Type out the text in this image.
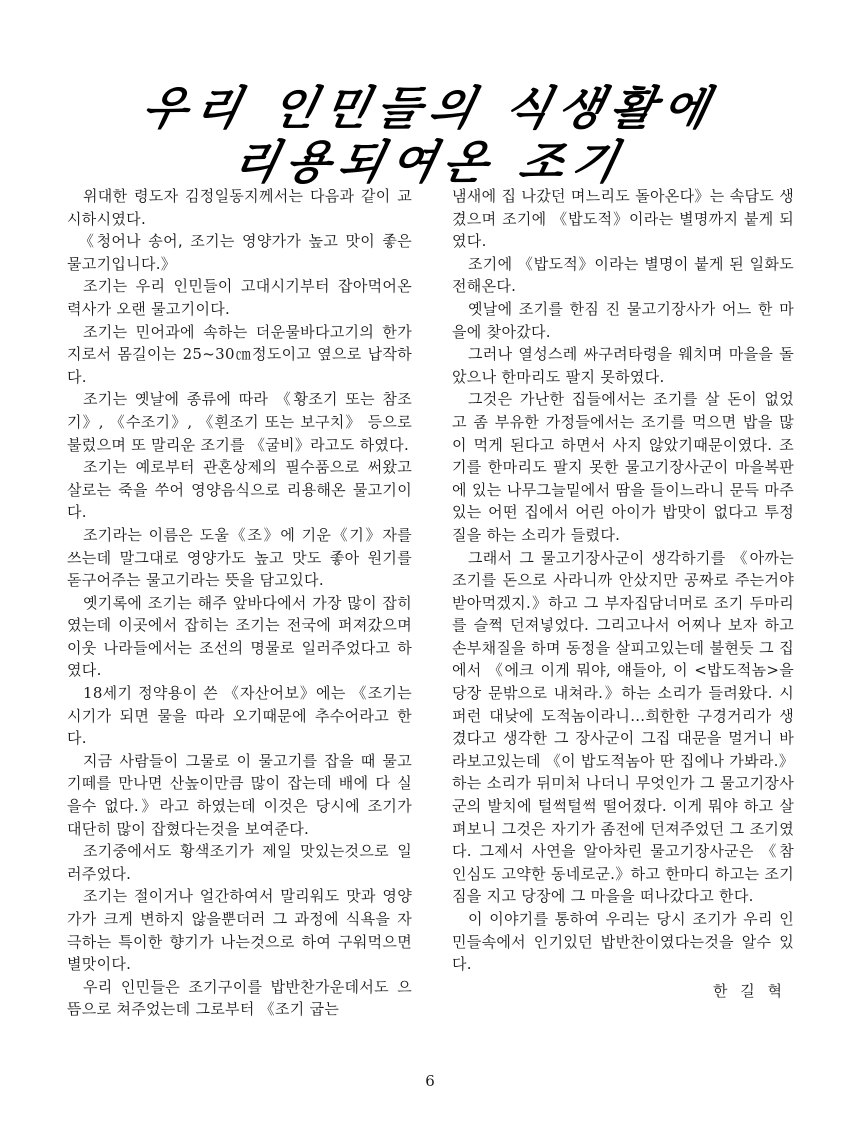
우리 인민들의 식생활에
리용되여온 조기

위대한 령도자 김정일동지께서는 다음과 같이 교시하시였다.

《청어나 송어, 조기는 영양가가 높고 맛이 좋은 물고기입니다.》

조기는 우리 인민들이 고대시기부터 잡아먹어온 력사가 오랜 물고기이다.

조기는 민어과에 속하는 더운물바다고기의 한가지로서 몸길이는 25~30㎝정도이고 옆으로 납작하다.

조기는 옛날에 종류에 따라 《황조기 또는 참조기》, 《수조기》, 《흰조기 또는 보구치》 등으로 불렀으며 또 말리운 조기를 《굴비》라고도 하였다.

조기는 예로부터 관혼상제의 필수품으로 써왔고 살로는 죽을 쑤어 영양음식으로 리용해온 물고기이다.

조기라는 이름은 도울《조》에 기운《기》자를 쓰는데 말그대로 영양가도 높고 맛도 좋아 원기를 돋구어주는 물고기라는 뜻을 담고있다.

옛기록에 조기는 해주 앞바다에서 가장 많이 잡히였는데 이곳에서 잡히는 조기는 전국에 퍼져갔으며 이웃 나라들에서는 조선의 명물로 일러주었다고 하였다.

18세기 정약용이 쓴 《자산어보》에는 《조기는 시기가 되면 물을 따라 오기때문에 추수어라고 한다.

지금 사람들이 그물로 이 물고기를 잡을 때 물고기떼를 만나면 산높이만큼 많이 잡는데 배에 다 실을수 없다.》라고 하였는데 이것은 당시에 조기가 대단히 많이 잡혔다는것을 보여준다.

조기중에서도 황색조기가 제일 맛있는것으로 일러주었다.

조기는 절이거나 얼간하여서 말리워도 맛과 영양가가 크게 변하지 않을뿐더러 그 과정에 식욕을 자극하는 특이한 향기가 나는것으로 하여 구워먹으면 별맛이다.

우리 인민들은 조기구이를 밥반찬가운데서도 으뜸으로 쳐주었는데 그로부터 《조기 굽는

냄새에 집 나갔던 며느리도 돌아온다》는 속담도 생겼으며 조기에 《밥도적》이라는 별명까지 붙게 되였다.

조기에 《밥도적》이라는 별명이 붙게 된 일화도 전해온다.

옛날에 조기를 한짐 진 물고기장사가 어느 한 마을에 찾아갔다.

그러나 열성스레 싸구려타령을 웨치며 마을을 돌았으나 한마리도 팔지 못하였다.

그것은 가난한 집들에서는 조기를 살 돈이 없었고 좀 부유한 가정들에서는 조기를 먹으면 밥을 많이 먹게 된다고 하면서 사지 않았기때문이였다. 조기를 한마리도 팔지 못한 물고기장사군이 마을복판에 있는 나무그늘밑에서 땀을 들이느라니 문득 마주 있는 어떤 집에서 어린 아이가 밥맛이 없다고 투정질을 하는 소리가 들렸다.

그래서 그 물고기장사군이 생각하기를 《아까는 조기를 돈으로 사라니까 안샀지만 공짜로 주는거야 받아먹겠지.》하고 그 부자집담너머로 조기 두마리를 슬쩍 던져넣었다. 그리고나서 어찌나 보자 하고 손부채질을 하며 동정을 살피고있는데 불현듯 그 집에서 《에크 이게 뭐야, 얘들아, 이 <밥도적놈>을 당장 문밖으로 내쳐라.》하는 소리가 들려왔다. 시퍼런 대낮에 도적놈이라니…희한한 구경거리가 생겼다고 생각한 그 장사군이 그집 대문을 멀거니 바라보고있는데 《이 밥도적놈아 딴 집에나 가봐라.》하는 소리가 뒤미처 나더니 무엇인가 그 물고기장사군의 발치에 털썩털썩 떨어졌다. 이게 뭐야 하고 살펴보니 그것은 자기가 좀전에 던져주었던 그 조기였다. 그제서 사연을 알아차린 물고기장사군은 《참 인심도 고약한 동네로군.》하고 한마디 하고는 조기짐을 지고 당장에 그 마을을 떠나갔다고 한다.

이 이야기를 통하여 우리는 당시 조기가 우리 인민들속에서 인기있던 밥반찬이였다는것을 알수 있다.

한 길 혁

6
